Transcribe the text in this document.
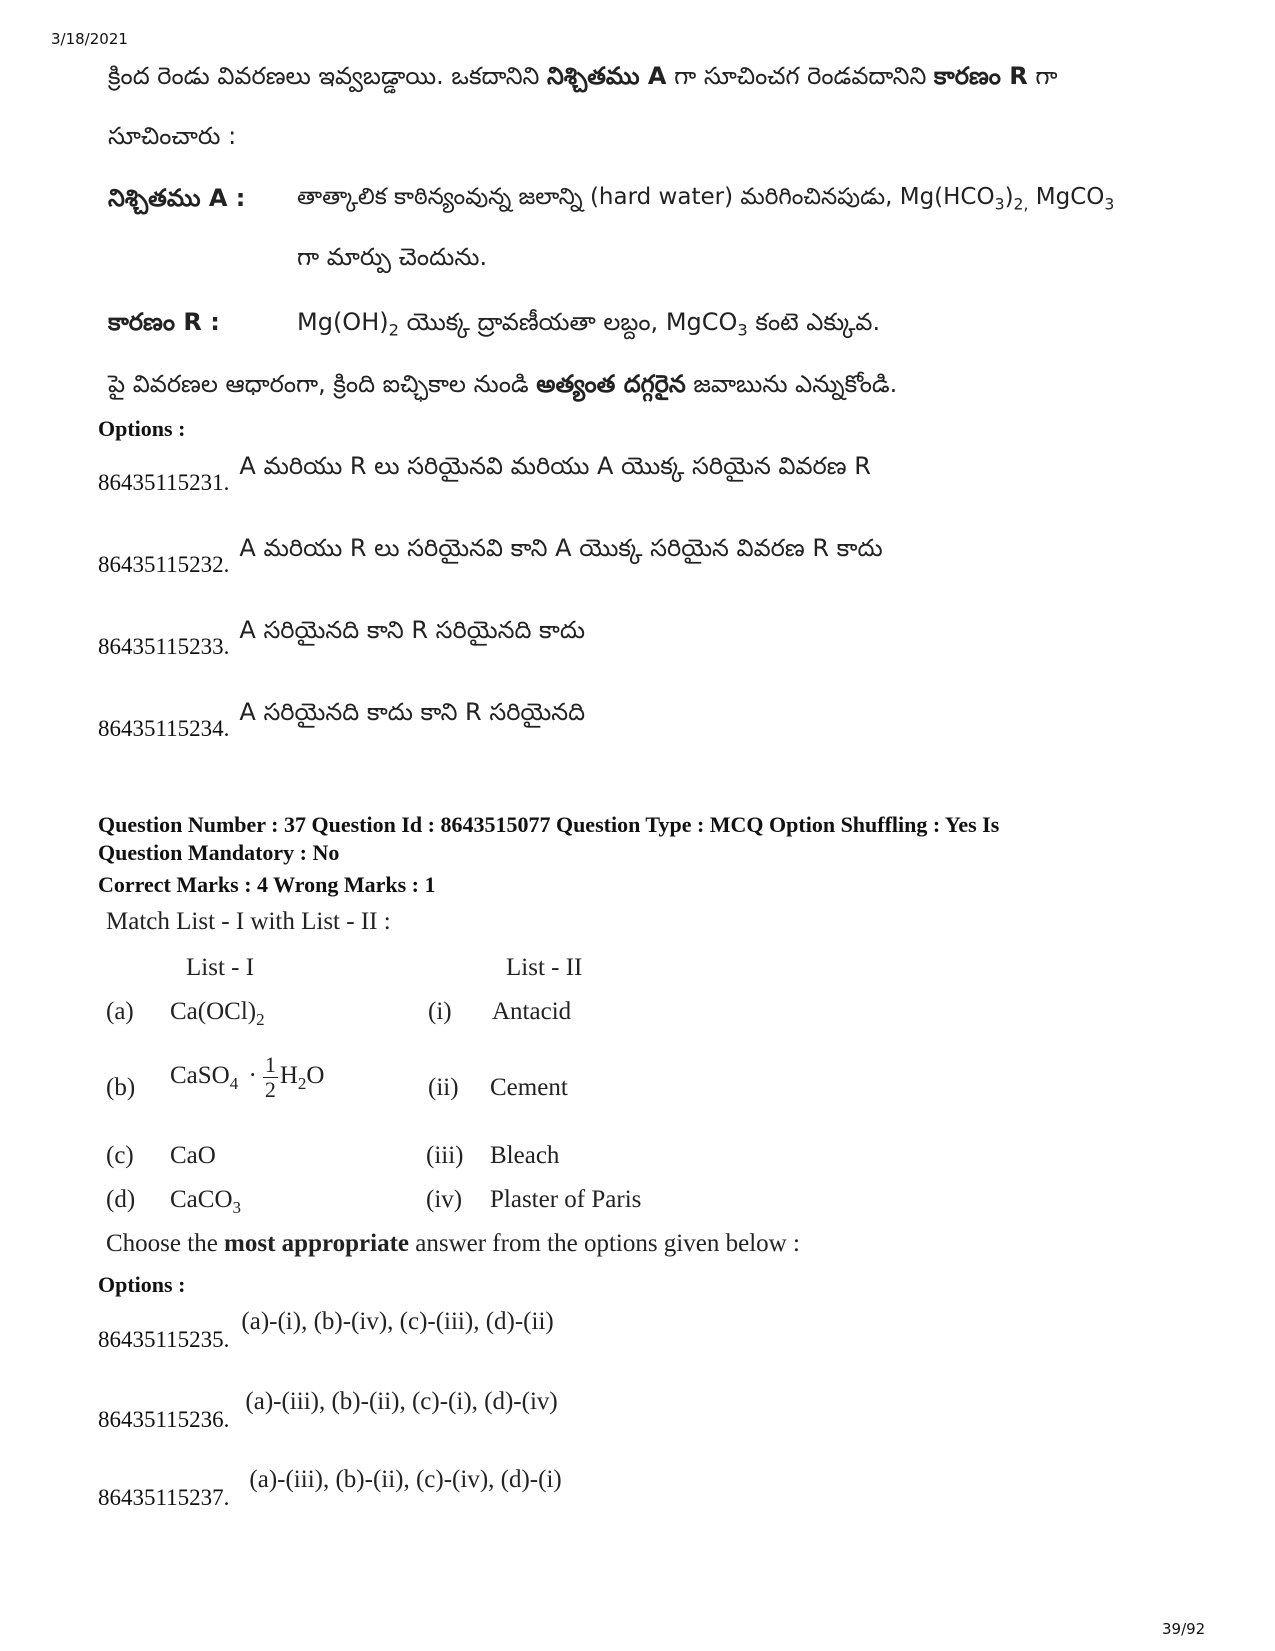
3/18/2021
39/92
క్రింద రెండు వివరణలు ఇవ్వబడ్డాయి. ఒకదానిని నిశ్చితము A గా సూచించగ రెండవదానిని కారణం R గా
సూచించారు :
నిశ్చితము A : తాత్కాలిక కాఠిన్యంవున్న జలాన్ని (hard water) మరిగించినపుడు, $Mg(HCO_3)_{2,}$ MgCO$_3$
గా మార్పు చెందును.
కారణం R :	$Mg(OH)_2$ యొక్క ద్రావణీయతా లబ్దం, MgCO$_3$ కంటె ఎక్కువ.
పై వివరణల ఆధారంగా, క్రింది ఐచ్ఛికాల నుండి అత్యంత దగ్గరైన జవాబును ఎన్నుకోండి.
Options :
86435115231. A మరియు R లు సరియైనవి మరియు A యొక్క సరియైన వివరణ R
86435115232. A మరియు R లు సరియైనవి కాని A యొక్క సరియైన వివరణ R కాదు
86435115233. A సరియైనది కాని R సరియైనది కాదు
86435115234. A సరియైనది కాదు కాని R సరియైనది
Question Number : 37 Question Id : 8643515077 Question Type : MCQ Option Shuffling : Yes Is
Question Mandatory : No
Correct Marks : 4 Wrong Marks : 1
Match List - I with List - II :
List - I	List - II
(a) $Ca(OCl)_2$	(i) Antacid
(b) CaSO$_4$ · $\frac{1}{2} H_2O$	(ii) Cement
(c) CaO	(iii) Bleach
(d) CaCO$_3$	(iv) Plaster of Paris
Choose the most appropriate answer from the options given below :
Options :
86435115235. (a)-(i), (b)-(iv), (c)-(iii), (d)-(ii)
86435115236. (a)-(iii), (b)-(ii), (c)-(i), (d)-(iv)
86435115237. (a)-(iii), (b)-(ii), (c)-(iv), (d)-(i)
